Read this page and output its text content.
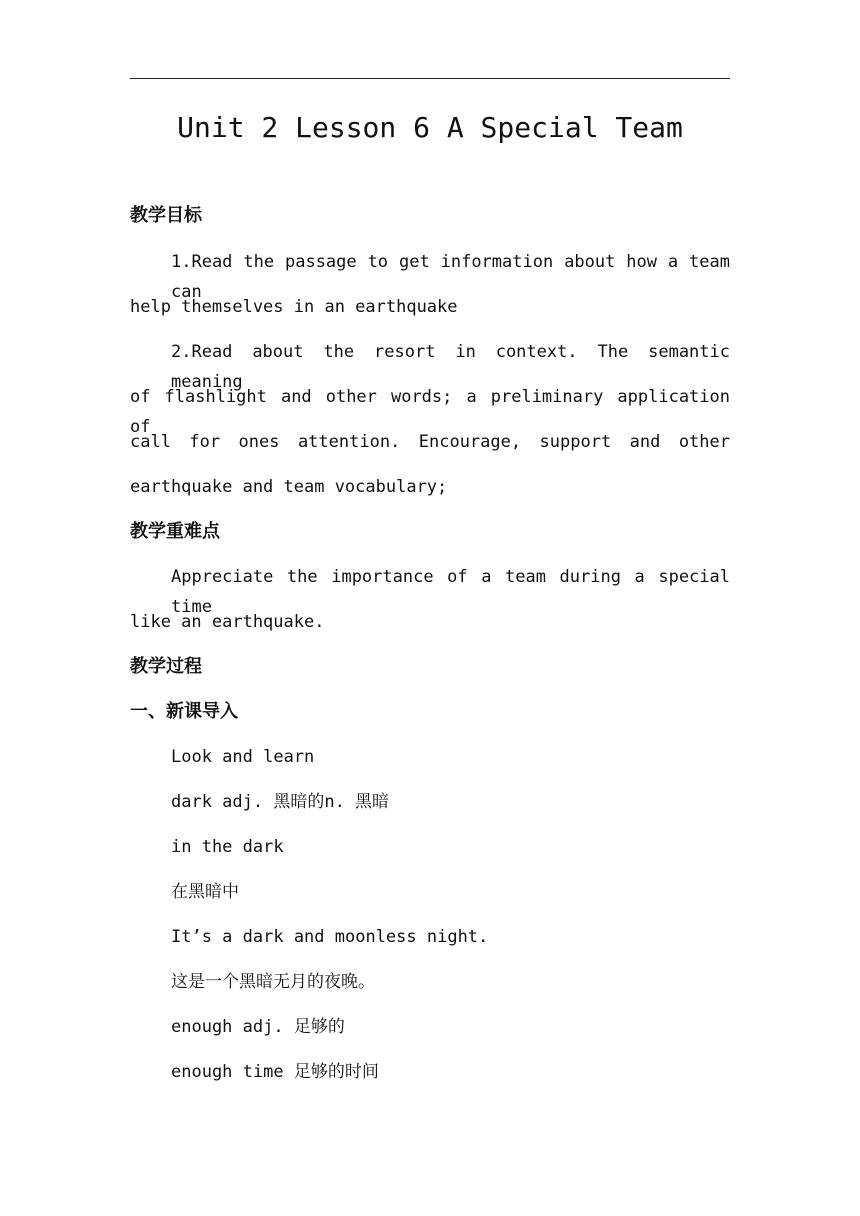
Unit 2 Lesson 6 A Special Team
教学目标
1.Read the passage to get information about how a team can
help themselves in an earthquake
2.Read about the resort in context. The semantic meaning
of flashlight and other words; a preliminary application of
call for ones attention. Encourage, support and other
earthquake and team vocabulary;
教学重难点
Appreciate the importance of a team during a special time
like an earthquake.
教学过程
一、新课导入
Look and learn
dark adj. 黑暗的n. 黑暗
in the dark
在黑暗中
It’s a dark and moonless night.
这是一个黑暗无月的夜晚。
enough adj. 足够的
enough time 足够的时间
